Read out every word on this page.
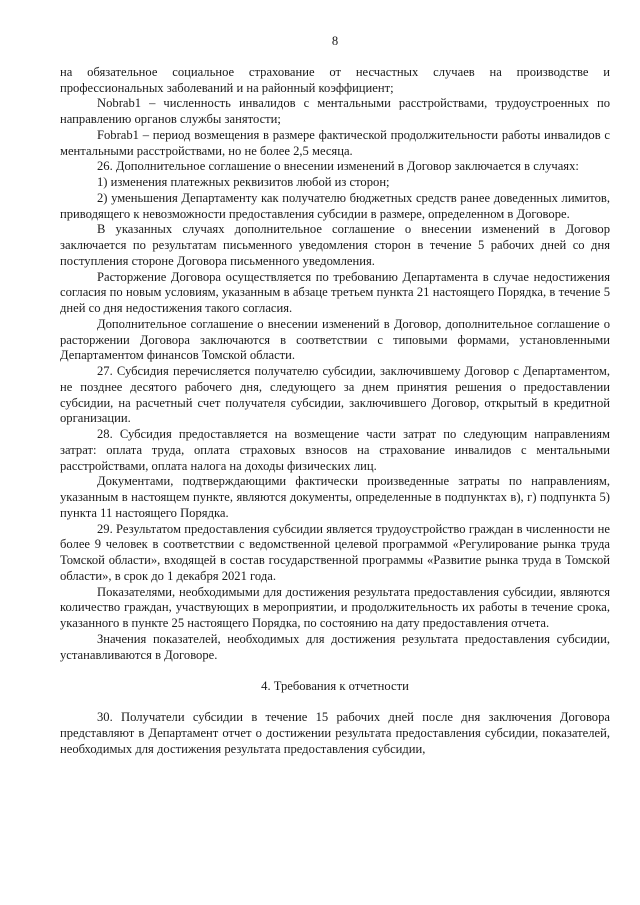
8

на обязательное социальное страхование от несчастных случаев на производстве и профессиональных заболеваний и на районный коэффициент;

Nobrab1 – численность инвалидов с ментальными расстройствами, трудоустроенных по направлению органов службы занятости;

Fobrab1 – период возмещения в размере фактической продолжительности работы инвалидов с ментальными расстройствами, но не более 2,5 месяца.

26. Дополнительное соглашение о внесении изменений в Договор заключается в случаях:

1) изменения платежных реквизитов любой из сторон;

2) уменьшения Департаменту как получателю бюджетных средств ранее доведенных лимитов, приводящего к невозможности предоставления субсидии в размере, определенном в Договоре.

В указанных случаях дополнительное соглашение о внесении изменений в Договор заключается по результатам письменного уведомления сторон в течение 5 рабочих дней со дня поступления стороне Договора письменного уведомления.

Расторжение Договора осуществляется по требованию Департамента в случае недостижения согласия по новым условиям, указанным в абзаце третьем пункта 21 настоящего Порядка, в течение 5 дней со дня недостижения такого согласия.

Дополнительное соглашение о внесении изменений в Договор, дополнительное соглашение о расторжении Договора заключаются в соответствии с типовыми формами, установленными Департаментом финансов Томской области.

27. Субсидия перечисляется получателю субсидии, заключившему Договор с Департаментом, не позднее десятого рабочего дня, следующего за днем принятия решения о предоставлении субсидии, на расчетный счет получателя субсидии, заключившего Договор, открытый в кредитной организации.

28. Субсидия предоставляется на возмещение части затрат по следующим направлениям затрат: оплата труда, оплата страховых взносов на страхование инвалидов с ментальными расстройствами, оплата налога на доходы физических лиц.

Документами, подтверждающими фактически произведенные затраты по направлениям, указанным в настоящем пункте, являются документы, определенные в подпунктах в), г) подпункта 5) пункта 11 настоящего Порядка.

29. Результатом предоставления субсидии является трудоустройство граждан в численности не более 9 человек в соответствии с ведомственной целевой программой «Регулирование рынка труда Томской области», входящей в состав государственной программы «Развитие рынка труда в Томской области», в срок до 1 декабря 2021 года.

Показателями, необходимыми для достижения результата предоставления субсидии, являются количество граждан, участвующих в мероприятии, и продолжительность их работы в течение срока, указанного в пункте 25 настоящего Порядка, по состоянию на дату предоставления отчета.

Значения показателей, необходимых для достижения результата предоставления субсидии, устанавливаются в Договоре.

4. Требования к отчетности

30. Получатели субсидии в течение 15 рабочих дней после дня заключения Договора представляют в Департамент отчет о достижении результата предоставления субсидии, показателей, необходимых для достижения результата предоставления субсидии,
